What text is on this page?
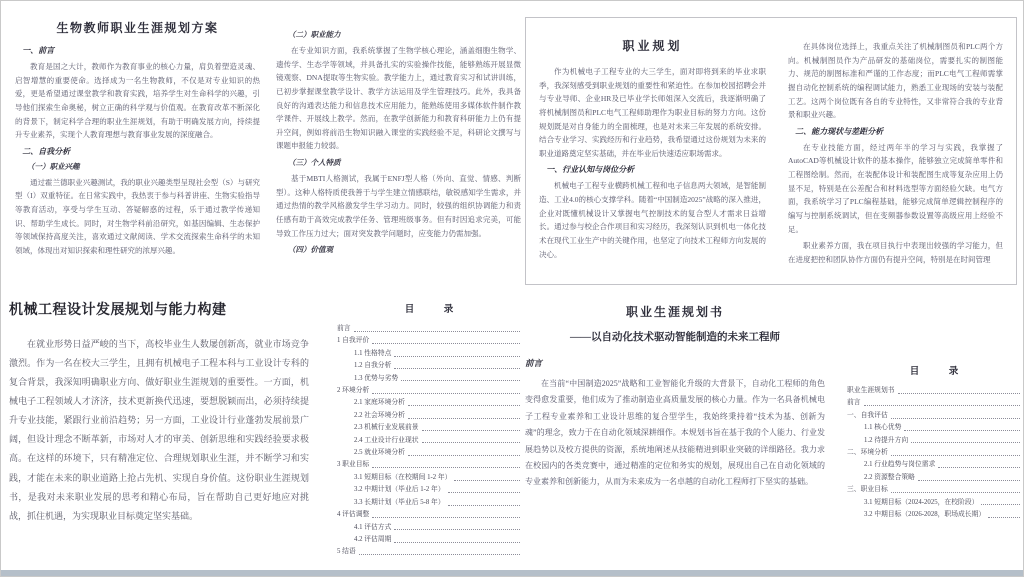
生物教师职业生涯规划方案
一、前言

教育是国之大计，教师作为教育事业的核心力量，肩负着塑造灵魂、启智增慧的重要使命。选择成为一名生物教师，不仅是对专业知识的热爱，更是希望通过课堂教学和教育实践，培养学生对生命科学的兴趣，引导他们探索生命奥秘，树立正确的科学观与价值观。在教育改革不断深化的背景下，制定科学合理的职业生涯规划，有助于明确发展方向，持续提升专业素养，实现个人教育理想与教育事业发展的深度融合。

二、自我分析
（一）职业兴趣

通过霍兰德职业兴趣测试，我的职业兴趣类型呈现社会型（S）与研究型（I）双重特征。在日常实践中，我热衷于参与科普讲座、生物实验指导等教育活动，享受与学生互动、答疑解惑的过程，乐于通过教学传递知识、帮助学生成长。同时，对生物学科前沿研究，如基因编辑、生态保护等领域保持高度关注，喜欢通过文献阅读、学术交流探索生命科学的未知领域，体现出对知识探索和理性研究的浓厚兴趣。

（二）职业能力

在专业知识方面，我系统掌握了生物学核心理论，涵盖细胞生物学、遗传学、生态学等领域，并具备扎实的实验操作技能，能够熟练开展显微镜观察、DNA提取等生物实验。教学能力上，通过教育实习和试讲训练，已初步掌握课堂教学设计、教学方法运用及学生管理技巧。此外，我具备良好的沟通表达能力和信息技术应用能力，能熟练使用多媒体软件制作教学课件、开展线上教学。然而，在教学创新能力和教育科研能力上仍有提升空间，例如将前沿生物知识融入课堂的实践经验不足，科研论文撰写与课题申报能力较弱。

（三）个人特质

基于MBTI人格测试，我属于ENFJ型人格（外向、直觉、情感、判断型）。这种人格特质使我善于与学生建立情感联结，敏锐感知学生需求，并通过热情的教学风格激发学生学习动力。同时，较强的组织协调能力和责任感有助于高效完成教学任务、管理班级事务。但有时因追求完美，可能导致工作压力过大；面对突发教学问题时，应变能力仍需加强。

（四）价值观
职业规划

作为机械电子工程专业的大三学生，面对即将到来的毕业求职季，我深刻感受到职业规划的重要性和紧迫性。在参加校园招聘会并与专业导师、企业HR及已毕业学长师姐深入交流后，我逐渐明确了将机械制图员和PLC电气工程师助理作为职业目标的努力方向。这份规划既是对自身能力的全面梳理，也是对未来三年发展的系统安排。结合专业学习、实践经历和行业趋势，我希望通过这份规划为未来的职业道路奠定坚实基础，并在毕业后快速适应职场需求。

一、行业认知与岗位分析

机械电子工程专业横跨机械工程和电子信息两大领域，是智能制造、工业4.0的核心支撑学科。随着“中国制造2025”战略的深入推进，企业对既懂机械设计又掌握电气控制技术的复合型人才需求日益增长。通过参与校企合作项目和实习经历，我深刻认识到机电一体化技术在现代工业生产中的关键作用，也坚定了向技术工程师方向发展的决心。

在具体岗位选择上，我重点关注了机械制图员和PLC两个方向。机械制图员作为产品研发的基础岗位，需要扎实的制图能力、规范的制图标准和严谨的工作态度；而PLC电气工程师需掌握自动化控制系统的编程调试能力，熟悉工业现场的安装与装配工艺。这两个岗位既有各自的专业特性，又非常符合我的专业背景和职业兴趣。

二、能力现状与差距分析

在专业技能方面，经过两年半的学习与实践，我掌握了AutoCAD等机械设计软件的基本操作，能够独立完成简单零件和工程图绘制。然而，在装配体设计和装配图生成等复杂应用上仍显不足，特别是在公差配合和材料选型等方面经验欠缺。电气方面，我系统学习了PLC编程基础，能够完成简单逻辑控制程序的编写与控制系统调试，但在变频器参数设置等高级应用上经验不足。

职业素养方面，我在项目执行中表现出较强的学习能力，但在进度把控和团队协作方面仍有提升空间，特别是在时间管理

机械工程设计发展规划与能力构建

在就业形势日益严峻的当下，高校毕业生人数屡创新高，就业市场竞争激烈。作为一名在校大三学生，且拥有机械电子工程本科与工业设计专科的复合背景，我深知明确职业方向、做好职业生涯规划的重要性。一方面，机械电子工程领域人才济济，技术更新换代迅速，要想脱颖而出，必须持续提升专业技能，紧跟行业前沿趋势；另一方面，工业设计行业蓬勃发展前景广阔，但设计理念不断革新，市场对人才的审美、创新思维和实践经验要求极高。在这样的环境下，只有精准定位、合理规划职业生涯，并不断学习和实践，才能在未来的职业道路上抢占先机、实现自身价值。这份职业生涯规划书，是我对未来职业发展的思考和精心布局，旨在帮助自己更好地应对挑战，抓住机遇，为实现职业目标奠定坚实基础。

目　录
前言
1 自我评价
1.1 性格特点
1.2 自我分析
1.3 优势与劣势
2 环境分析
2.1 家庭环境分析
2.2 社会环境分析
2.3 机械行业发展前景
2.4 工业设计行业现状
2.5 就业环境分析
3 职业目标
3.1 短期目标（在校期间 1-2 年）
3.2 中期计划（毕业后 1-2 年）
3.3 长期计划（毕业后 5-8 年）
4 评估调整
4.1 评估方式
4.2 评估周期
5 结语
职业生涯规划书
——以自动化技术驱动智能制造的未来工程师
前言

在当前“中国制造2025”战略和工业智能化升级的大背景下，自动化工程师的角色变得愈发重要，他们成为了推动制造业高质量发展的核心力量。作为一名具备机械电子工程专业素养和工业设计思维的复合型学生，我始终秉持着“技术为基、创新为魂”的理念，致力于在自动化领域深耕细作。本规划书旨在基于我的个人能力、行业发展趋势以及校方提供的资源，系统地阐述从技能精进到职业突破的详细路径。我力求在校园内的各类竞赛中，通过精准的定位和务实的规划，展现出自己在自动化领域的专业素养和创新能力，从而为未来成为一名卓越的自动化工程师打下坚实的基础。

目　录
职业生涯规划书
前言
一、自我评估
1.1 核心优势
1.2 待提升方向
二、环境分析
2.1 行业趋势与岗位需求
2.2 资源整合策略
三、职业目标
3.1 短期目标（2024-2025，在校阶段）
3.2 中期目标（2026-2028，职场成长期）
